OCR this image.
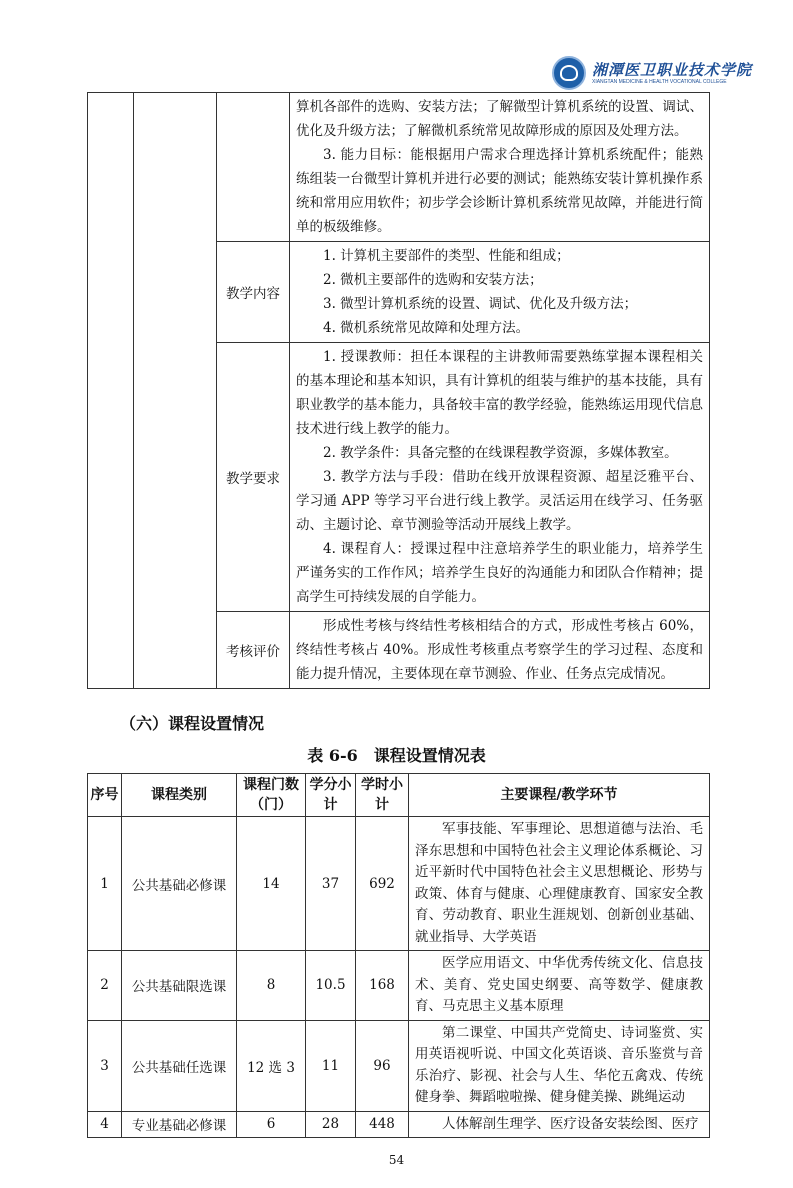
湘潭医卫职业技术学院
XIANGTAN MEDICINE & HEALTH VOCATIONAL COLLEGE

			算机各部件的选购、安装方法；了解微型计算机系统的设置、调试、优化及升级方法；了解微机系统常见故障形成的原因及处理方法。

3. 能力目标：能根据用户需求合理选择计算机系统配件；能熟练组装一台微型计算机并进行必要的测试；能熟练安装计算机操作系统和常用应用软件；初步学会诊断计算机系统常见故障，并能进行简单的板级维修。

		教学内容	1. 计算机主要部件的类型、性能和组成；

2. 微机主要部件的选购和安装方法；

3. 微型计算机系统的设置、调试、优化及升级方法；

4. 微机系统常见故障和处理方法。

		教学要求	1. 授课教师：担任本课程的主讲教师需要熟练掌握本课程相关的基本理论和基本知识，具有计算机的组装与维护的基本技能，具有职业教学的基本能力，具备较丰富的教学经验，能熟练运用现代信息技术进行线上教学的能力。

2. 教学条件：具备完整的在线课程教学资源，多媒体教室。

3. 教学方法与手段：借助在线开放课程资源、超星泛雅平台、学习通 APP 等学习平台进行线上教学。灵活运用在线学习、任务驱动、主题讨论、章节测验等活动开展线上教学。

4. 课程育人：授课过程中注意培养学生的职业能力，培养学生严谨务实的工作作风；培养学生良好的沟通能力和团队合作精神；提高学生可持续发展的自学能力。

		考核评价	形成性考核与终结性考核相结合的方式，形成性考核占 60%，终结性考核占 40%。形成性考核重点考察学生的学习过程、态度和能力提升情况，主要体现在章节测验、作业、任务点完成情况。

（六）课程设置情况
表 6-6　课程设置情况表
序号	课程类别	课程门数（门）	学分小计	学时小计	主要课程/教学环节
1	公共基础必修课	14	37	692	军事技能、军事理论、思想道德与法治、毛泽东思想和中国特色社会主义理论体系概论、习近平新时代中国特色社会主义思想概论、形势与政策、体育与健康、心理健康教育、国家安全教育、劳动教育、职业生涯规划、创新创业基础、就业指导、大学英语

2	公共基础限选课	8	10.5	168	医学应用语文、中华优秀传统文化、信息技术、美育、党史国史纲要、高等数学、健康教育、马克思主义基本原理

3	公共基础任选课	12 选 3	11	96	第二课堂、中国共产党简史、诗词鉴赏、实用英语视听说、中国文化英语谈、音乐鉴赏与音乐治疗、影视、社会与人生、华佗五禽戏、传统健身拳、舞蹈啦啦操、健身健美操、跳绳运动

4	专业基础必修课	6	28	448	人体解剖生理学、医疗设备安装绘图、医疗

54
